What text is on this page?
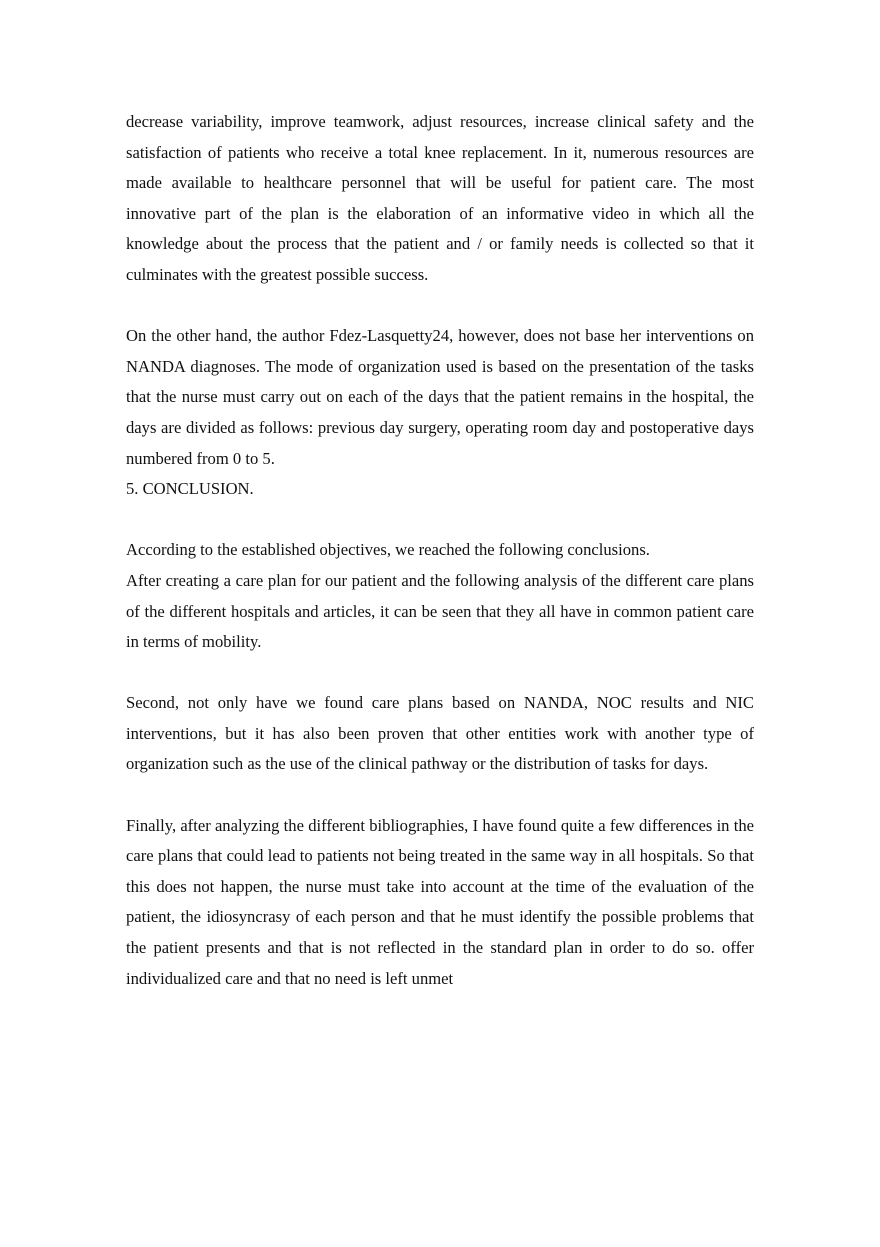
decrease variability, improve teamwork, adjust resources, increase clinical safety and the satisfaction of patients who receive a total knee replacement. In it, numerous resources are made available to healthcare personnel that will be useful for patient care. The most innovative part of the plan is the elaboration of an informative video in which all the knowledge about the process that the patient and / or family needs is collected so that it culminates with the greatest possible success.

On the other hand, the author Fdez-Lasquetty24, however, does not base her interventions on NANDA diagnoses. The mode of organization used is based on the presentation of the tasks that the nurse must carry out on each of the days that the patient remains in the hospital, the days are divided as follows: previous day surgery, operating room day and postoperative days numbered from 0 to 5.

5. CONCLUSION.

According to the established objectives, we reached the following conclusions.

After creating a care plan for our patient and the following analysis of the different care plans of the different hospitals and articles, it can be seen that they all have in common patient care in terms of mobility.

Second, not only have we found care plans based on NANDA, NOC results and NIC interventions, but it has also been proven that other entities work with another type of organization such as the use of the clinical pathway or the distribution of tasks for days.

Finally, after analyzing the different bibliographies, I have found quite a few differences in the care plans that could lead to patients not being treated in the same way in all hospitals. So that this does not happen, the nurse must take into account at the time of the evaluation of the patient, the idiosyncrasy of each person and that he must identify the possible problems that the patient presents and that is not reflected in the standard plan in order to do so. offer individualized care and that no need is left unmet
